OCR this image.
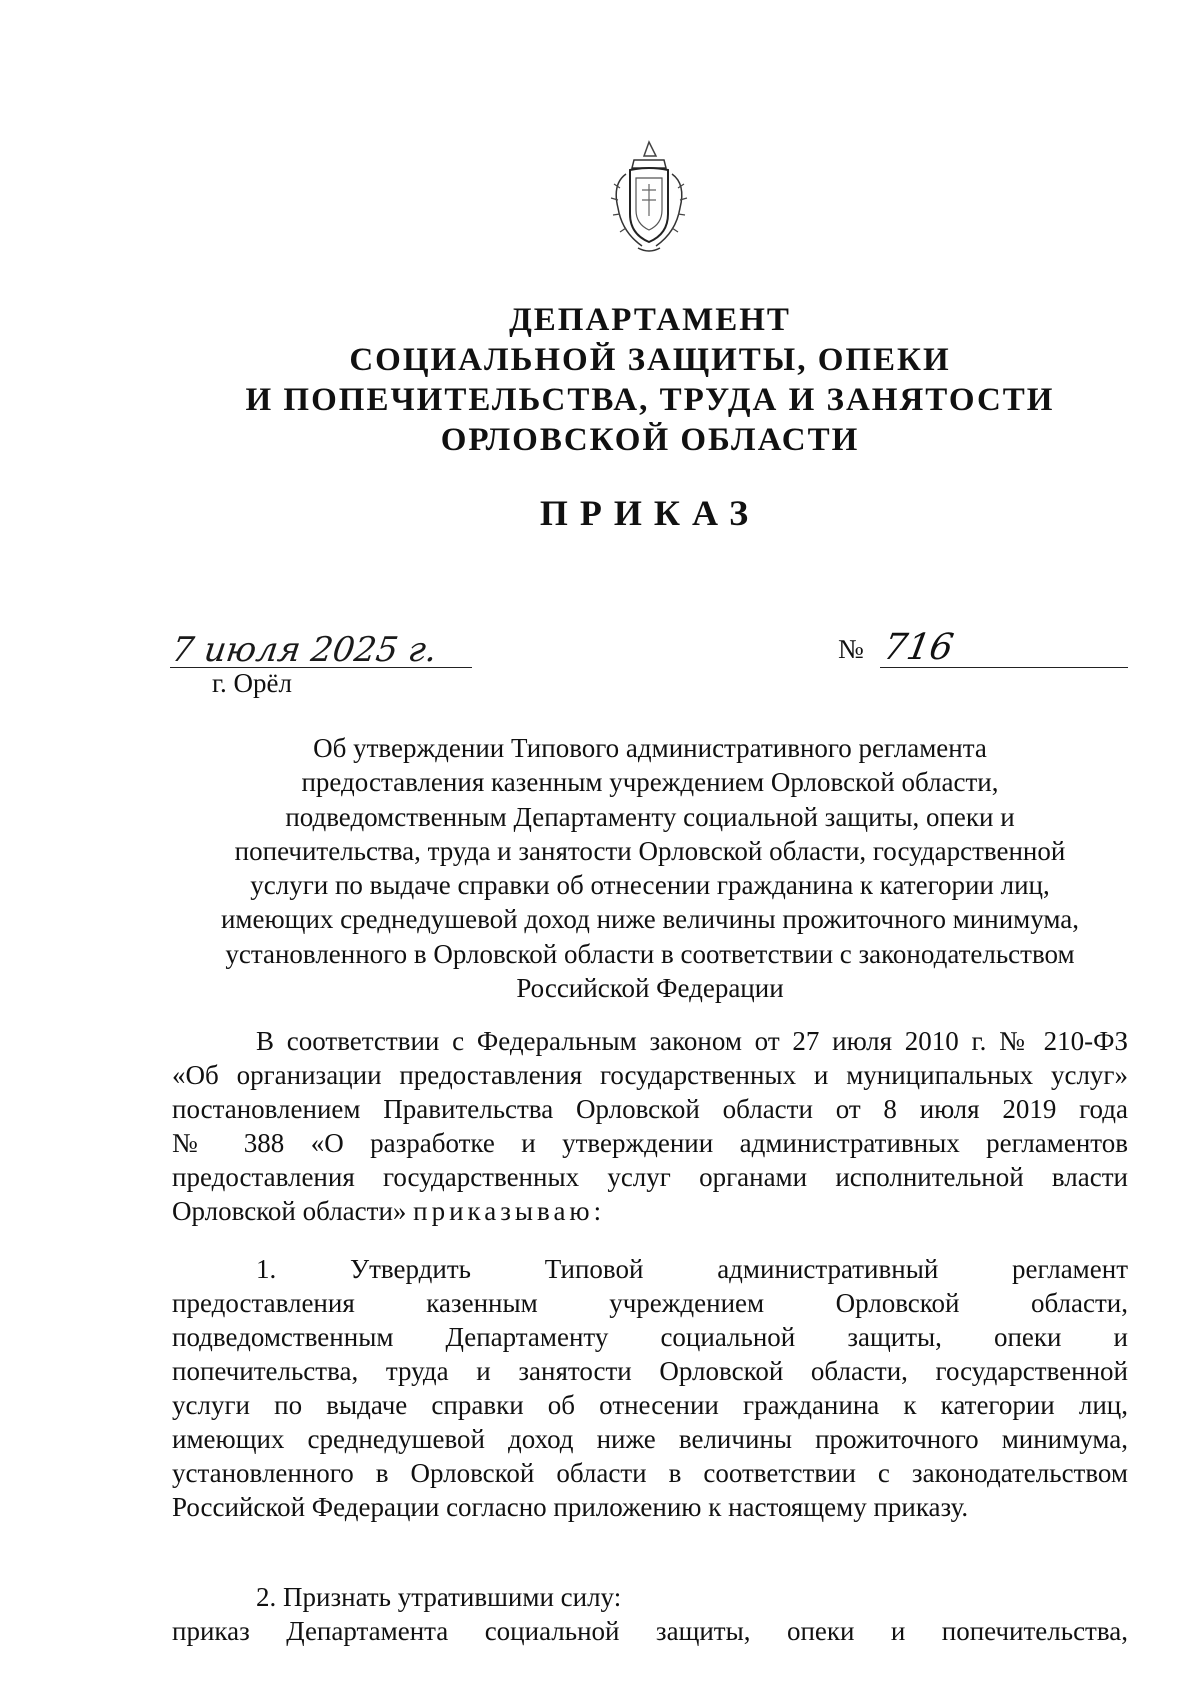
ДЕПАРТАМЕНТ
СОЦИАЛЬНОЙ ЗАЩИТЫ, ОПЕКИ
И ПОПЕЧИТЕЛЬСТВА, ТРУДА И ЗАНЯТОСТИ
ОРЛОВСКОЙ ОБЛАСТИ
ПРИКАЗ
7 июля 2025 г.	№ 716
г. Орёл
Об утверждении Типового административного регламента
предоставления казенным учреждением Орловской области,
подведомственным Департаменту социальной защиты, опеки и
попечительства, труда и занятости Орловской области, государственной
услуги по выдаче справки об отнесении гражданина к категории лиц,
имеющих среднедушевой доход ниже величины прожиточного минимума,
установленного в Орловской области в соответствии с законодательством
Российской Федерации
В соответствии с Федеральным законом от 27 июля 2010 г. № 210-ФЗ
«Об организации предоставления государственных и муниципальных услуг»
постановлением Правительства Орловской области от 8 июля 2019 года
№ 388 «О разработке и утверждении административных регламентов
предоставления государственных услуг органами исполнительной власти
Орловской области» приказываю:
1. Утвердить Типовой административный регламент
предоставления казенным учреждением Орловской области,
подведомственным Департаменту социальной защиты, опеки и
попечительства, труда и занятости Орловской области, государственной
услуги по выдаче справки об отнесении гражданина к категории лиц,
имеющих среднедушевой доход ниже величины прожиточного минимума,
установленного в Орловской области в соответствии с законодательством
Российской Федерации согласно приложению к настоящему приказу.
2. Признать утратившими силу:
приказ Департамента социальной защиты, опеки и попечительства,
